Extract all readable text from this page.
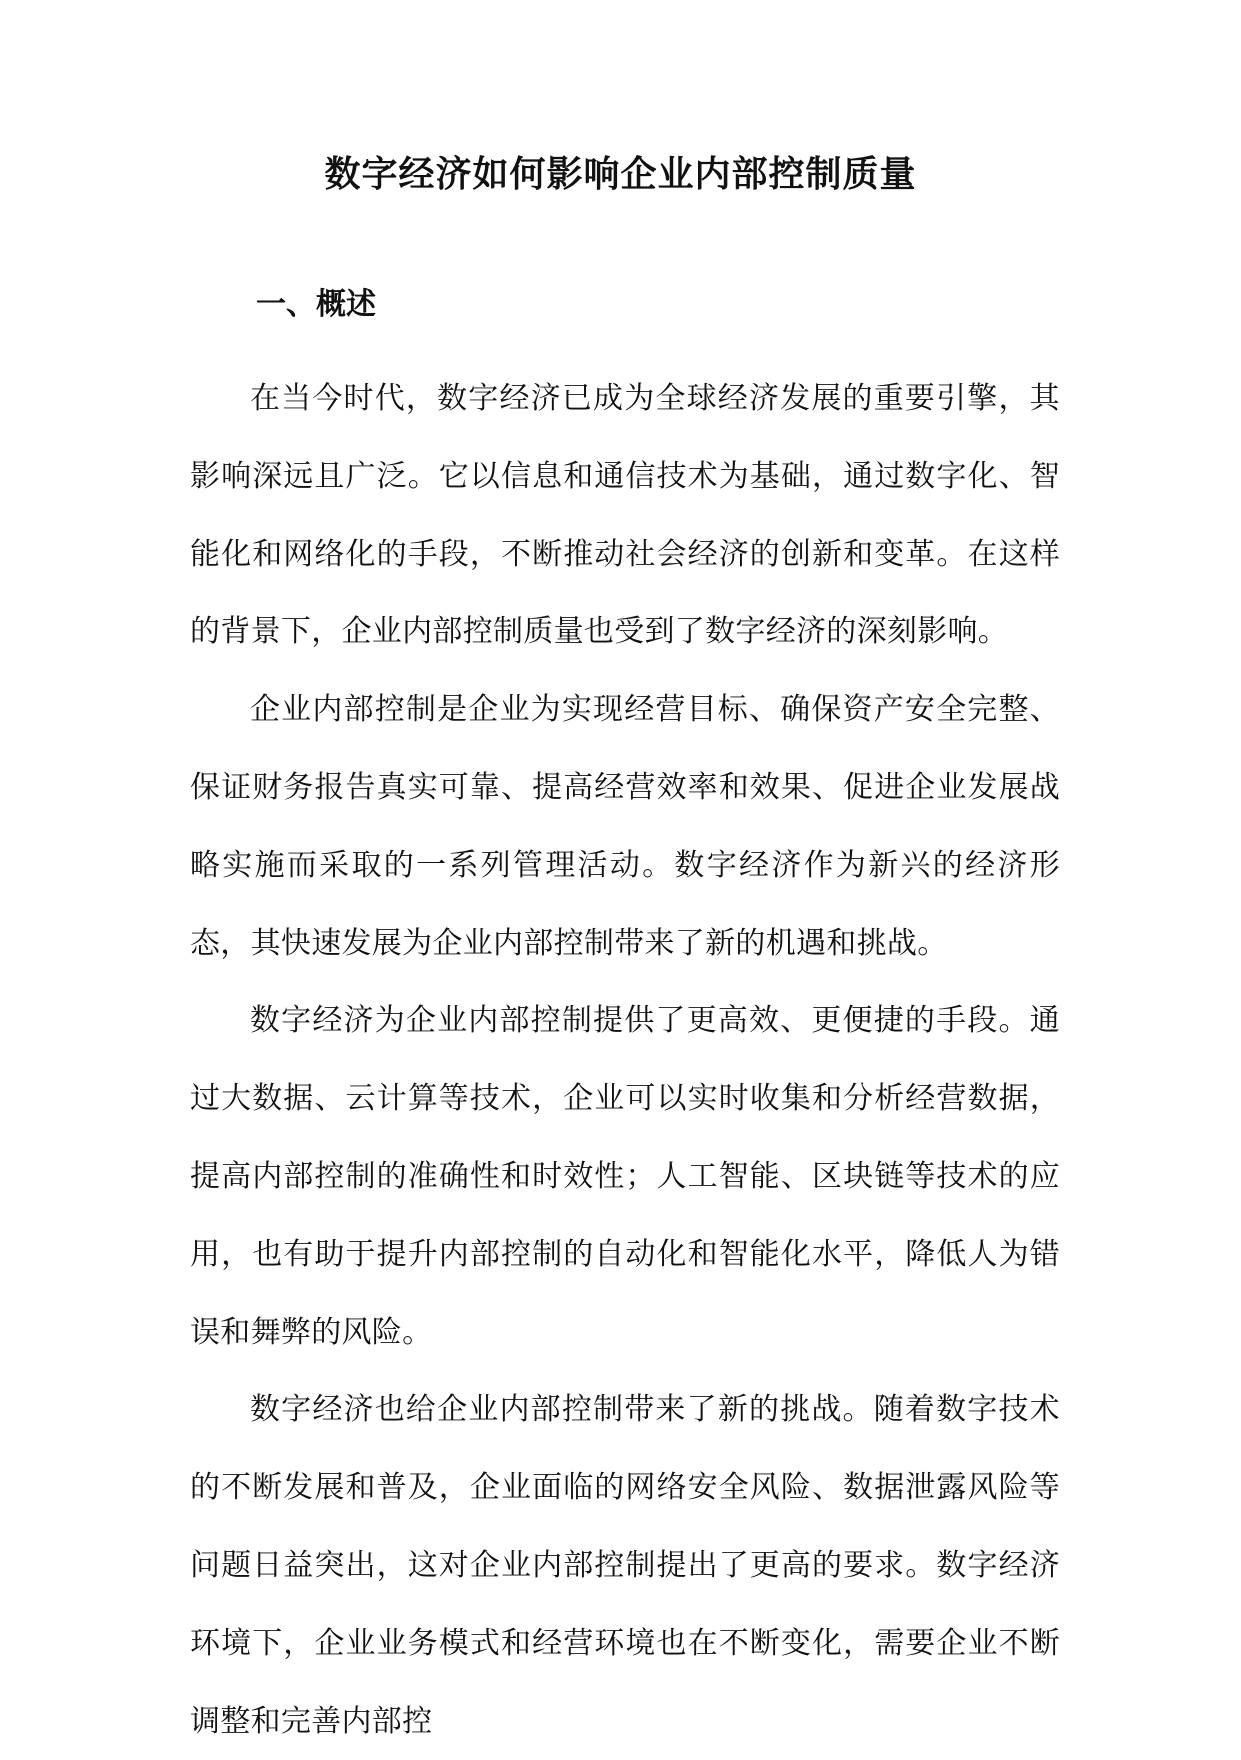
数字经济如何影响企业内部控制质量
一、概述

在当今时代，数字经济已成为全球经济发展的重要引擎，其影响深远且广泛。它以信息和通信技术为基础，通过数字化、智能化和网络化的手段，不断推动社会经济的创新和变革。在这样的背景下，企业内部控制质量也受到了数字经济的深刻影响。

企业内部控制是企业为实现经营目标、确保资产安全完整、保证财务报告真实可靠、提高经营效率和效果、促进企业发展战略实施而采取的一系列管理活动。数字经济作为新兴的经济形态，其快速发展为企业内部控制带来了新的机遇和挑战。

数字经济为企业内部控制提供了更高效、更便捷的手段。通过大数据、云计算等技术，企业可以实时收集和分析经营数据，提高内部控制的准确性和时效性；人工智能、区块链等技术的应用，也有助于提升内部控制的自动化和智能化水平，降低人为错误和舞弊的风险。

数字经济也给企业内部控制带来了新的挑战。随着数字技术的不断发展和普及，企业面临的网络安全风险、数据泄露风险等问题日益突出，这对企业内部控制提出了更高的要求。数字经济环境下，企业业务模式和经营环境也在不断变化，需要企业不断调整和完善内部控
